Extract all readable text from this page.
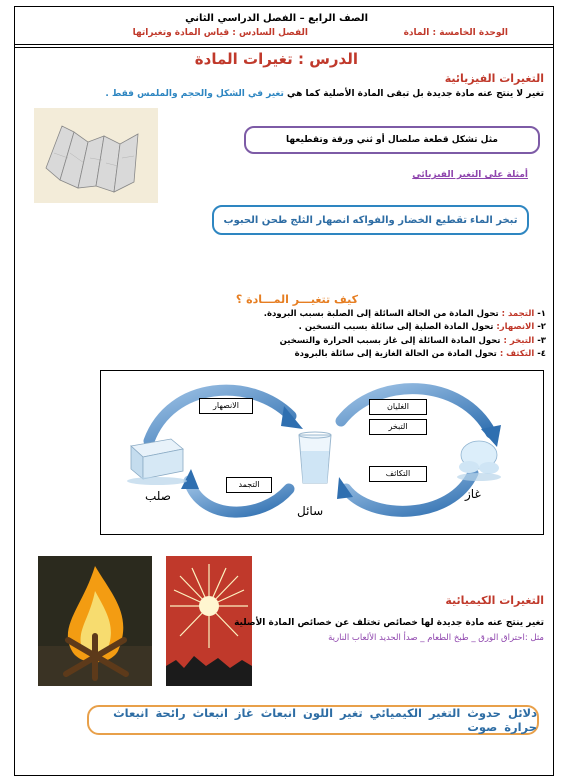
الصف الرابع – الفصل الدراسي الثاني
الوحدة الخامسة : المادة
الفصل السادس : قياس المادة وتغيراتها
الدرس : تغيرات المادة
التغيرات الفيزيائية
تغير لا ينتج عنه مادة جديدة بل تبقى المادة الأصلية كما هي تغير في الشكل والحجم والملمس فقط .
مثل تشكل قطعة صلصال أو ثني ورقة وتقطيعها
أمثلة على التغير الفيزيائي
تبخر الماء
تقطيع الخضار والفواكه
انصهار الثلج
طحن الحبوب
كيف تتغيـــر المـــادة ؟
١- التجمد : تحول المادة من الحالة السائلة إلى الصلبة بسبب البرودة.
٢- الانصهار: تحول المادة الصلبة إلى سائلة بسبب التسخين .
٣- التبخر : تحول المادة السائلة إلى غاز بسبب الحرارة والتسخين
٤- التكثف : تحول المادة من الحالة الغازية إلى سائلة بالبرودة
الانصهار	الغليان
التبخر
التكاثف
التجمد
صلب
سائل
غاز
التغيرات الكيميائية
تغير ينتج عنه مادة جديدة لها خصائص تختلف عن خصائص المادة الأصلية
مثل :احتراق الورق _ طبخ الطعام _ صدأ الحديد الألعاب النارية
دلائل حدوث التغير الكيميائي تغير اللون انبعاث غاز انبعاث رائحة انبعاث حرارة صوت
